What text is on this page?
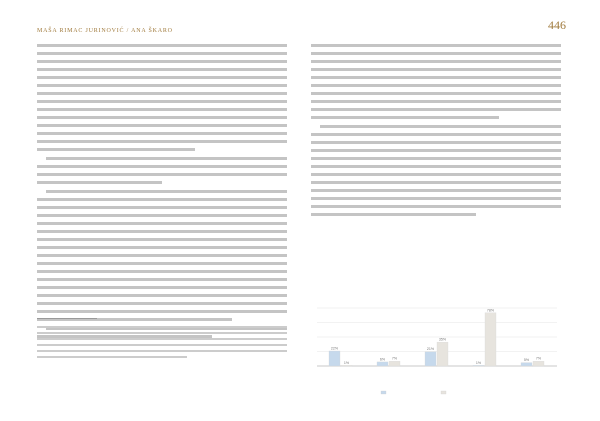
MAŠA RIMAC JURINOVIĆ / ANA ŠKARO	446
22%
6%
21%
1%
5%
1%
7%
35%
78%
7%
